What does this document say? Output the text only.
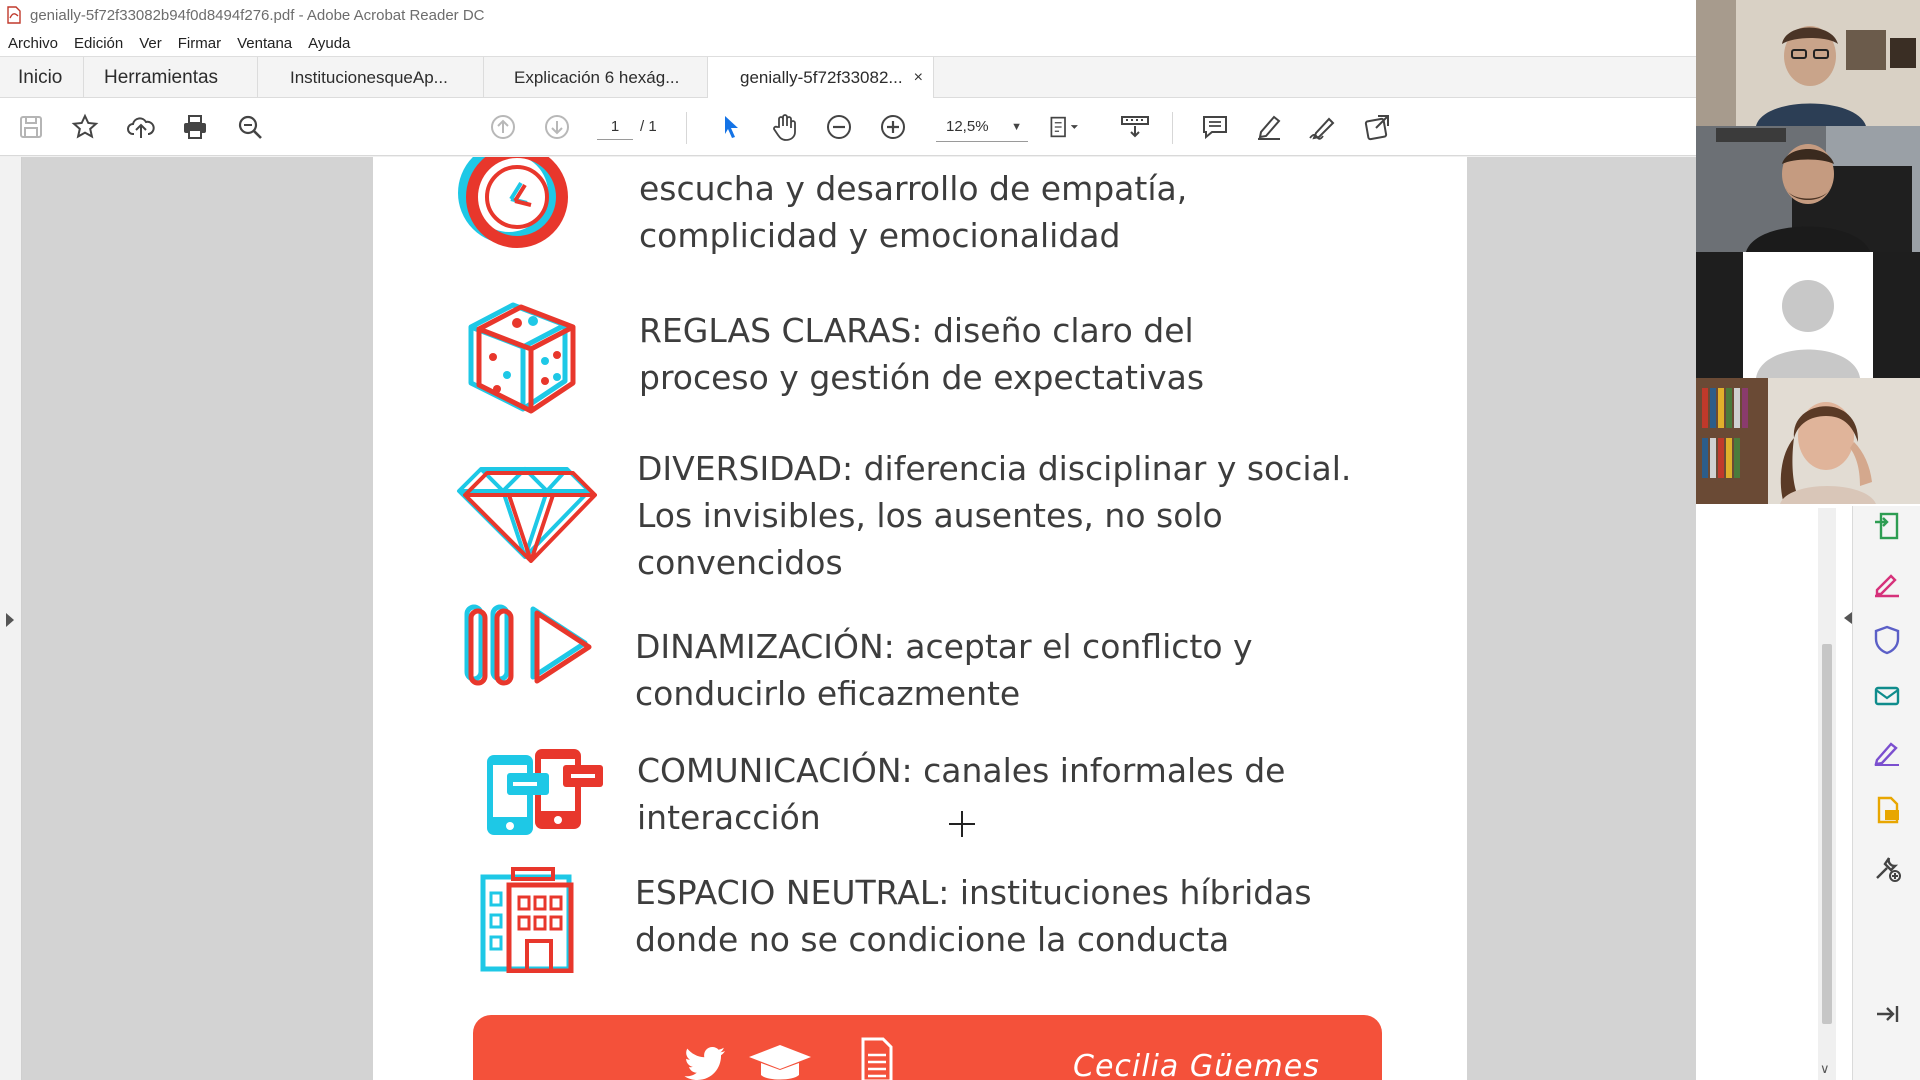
genially-5f72f33082b94f0d8494f276.pdf - Adobe Acrobat Reader DC
Archivo	Edición	Ver	Firmar	Ventana	Ayuda
Inicio	Herramientas	InstitucionesqueAp...	Explicación 6 hexág...	genially-5f72f33082... ×
1	/ 1	12,5% ▼
escucha y desarrollo de empatía,
complicidad y emocionalidad
REGLAS CLARAS: diseño claro del
proceso y gestión de expectativas
DIVERSIDAD: diferencia disciplinar y social.
Los invisibles, los ausentes, no solo
convencidos
DINAMIZACIÓN: aceptar el conflicto y
conducirlo eficazmente
COMUNICACIÓN: canales informales de
interacción
ESPACIO NEUTRAL: instituciones híbridas
donde no se condicione la conducta
Cecilia Güemes	∨
